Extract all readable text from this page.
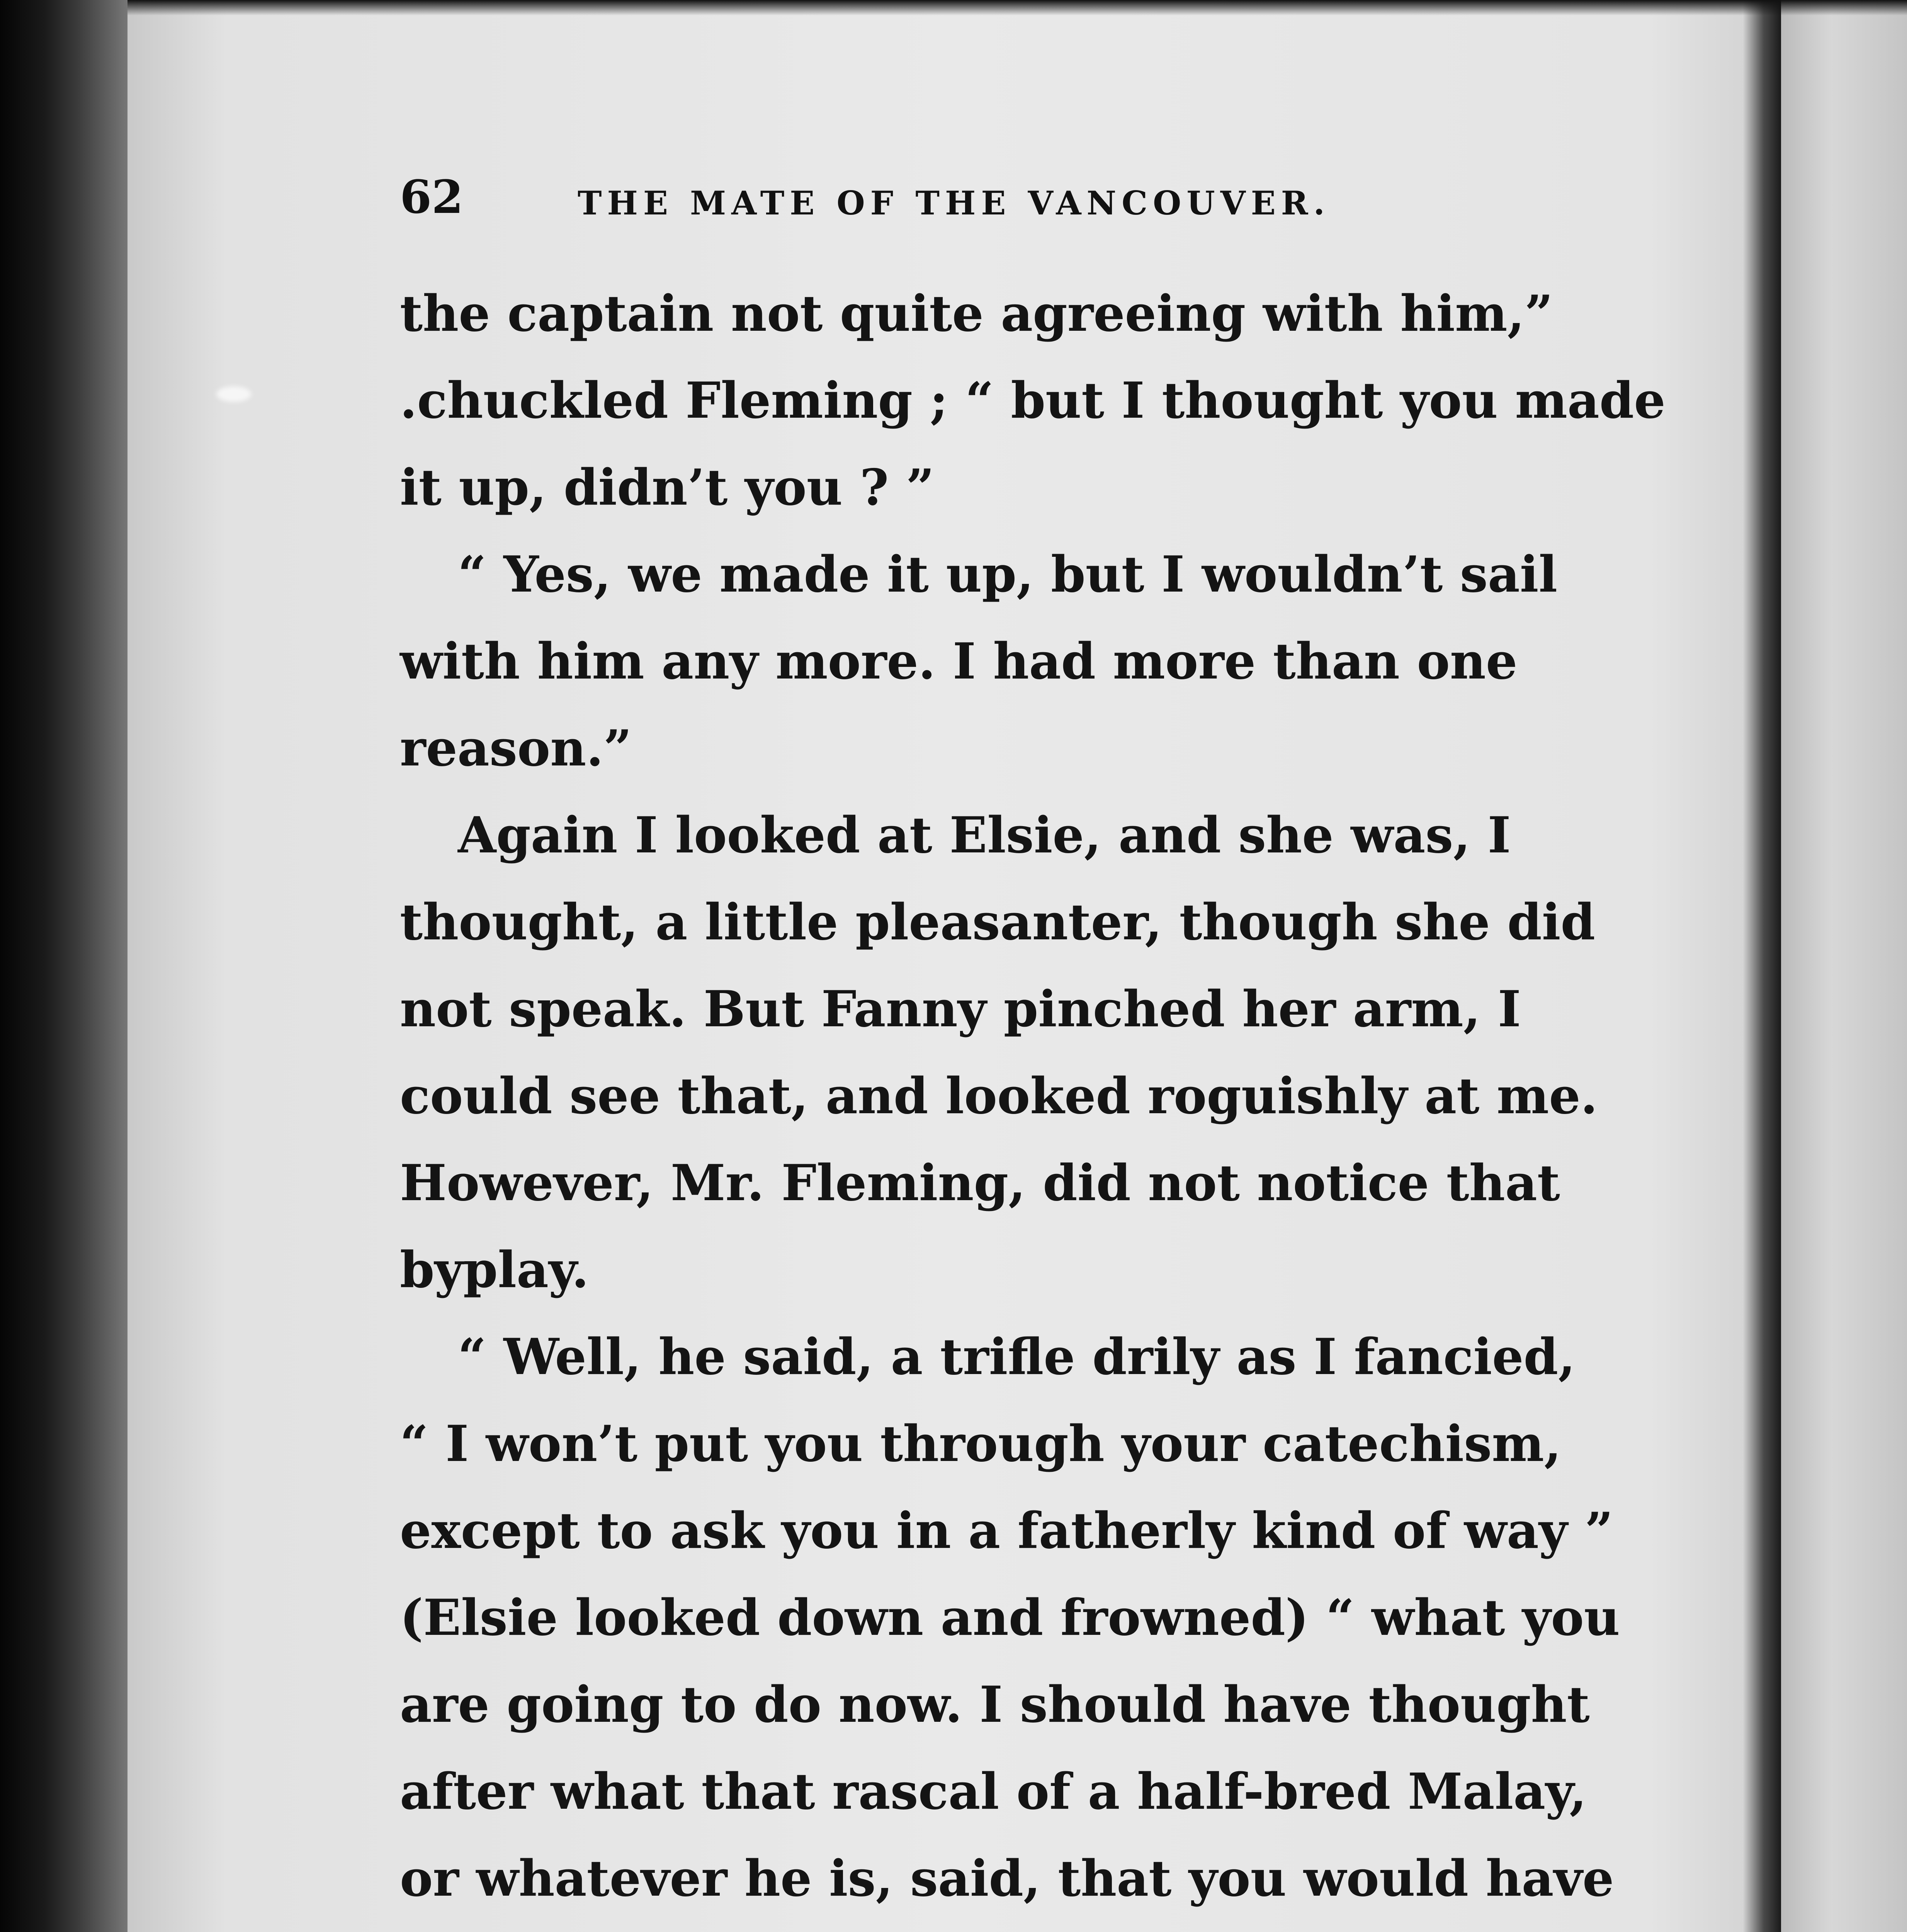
62	THE MATE OF THE VANCOUVER.
the captain not quite agreeing with him,”
.chuckled Fleming ; “ but I thought you made
it up, didn’t you ? ”
“ Yes, we made it up, but I wouldn’t sail
with him any more. I had more than one
reason.”
Again I looked at Elsie, and she was, I
thought, a little pleasanter, though she did
not speak. But Fanny pinched her arm, I
could see that, and looked roguishly at me.
However, Mr. Fleming, did not notice that
byplay.
“ Well, he said, a trifle drily as I fancied,
“ I won’t put you through your catechism,
except to ask you in a fatherly kind of way ”
(Elsie looked down and frowned) “ what you
are going to do now. I should have thought
after what that rascal of a half-bred Malay,
or whatever he is, said, that you would have
